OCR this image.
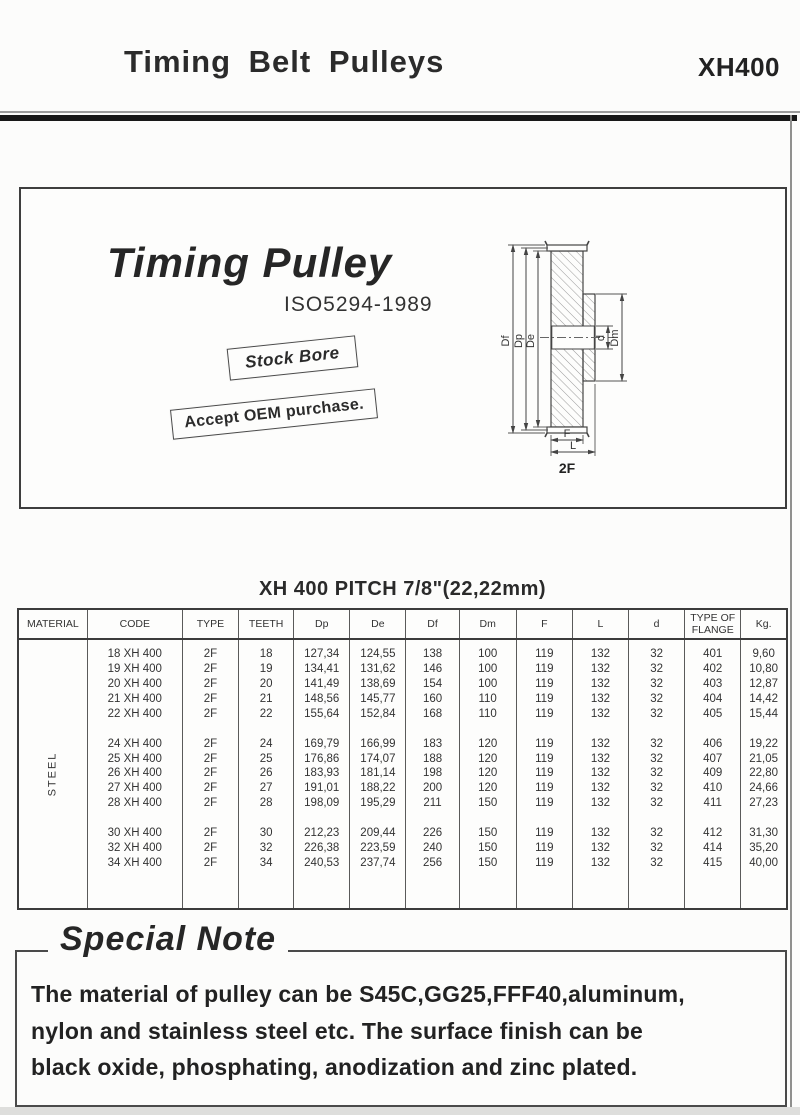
Timing Belt Pulleys	XH400
Timing Pulley
ISO5294-1989
Stock Bore
Accept OEM purchase.
Df Dp De	d Dm
F
L
2F
XH 400 PITCH 7/8"(22,22mm)
MATERIAL	CODE	TYPE	TEETH	Dp	De	Df	Dm	F	L	d	TYPE OF FLANGE	Kg.
STEEL												
	18 XH 400	2F	18	127,34	124,55	138	100	119	132	32	401	9,60
	19 XH 400	2F	19	134,41	131,62	146	100	119	132	32	402	10,80
	20 XH 400	2F	20	141,49	138,69	154	100	119	132	32	403	12,87
	21 XH 400	2F	21	148,56	145,77	160	110	119	132	32	404	14,42
	22 XH 400	2F	22	155,64	152,84	168	110	119	132	32	405	15,44

	24 XH 400	2F	24	169,79	166,99	183	120	119	132	32	406	19,22
	25 XH 400	2F	25	176,86	174,07	188	120	119	132	32	407	21,05
	26 XH 400	2F	26	183,93	181,14	198	120	119	132	32	409	22,80
	27 XH 400	2F	27	191,01	188,22	200	120	119	132	32	410	24,66
	28 XH 400	2F	28	198,09	195,29	211	150	119	132	32	411	27,23

	30 XH 400	2F	30	212,23	209,44	226	150	119	132	32	412	31,30
	32 XH 400	2F	32	226,38	223,59	240	150	119	132	32	414	35,20
	34 XH 400	2F	34	240,53	237,74	256	150	119	132	32	415	40,00

The material of pulley can be S45C,GG25,FFF40,aluminum,
nylon and stainless steel etc. The surface finish can be
black oxide, phosphating, anodization and zinc plated.
Special Note
